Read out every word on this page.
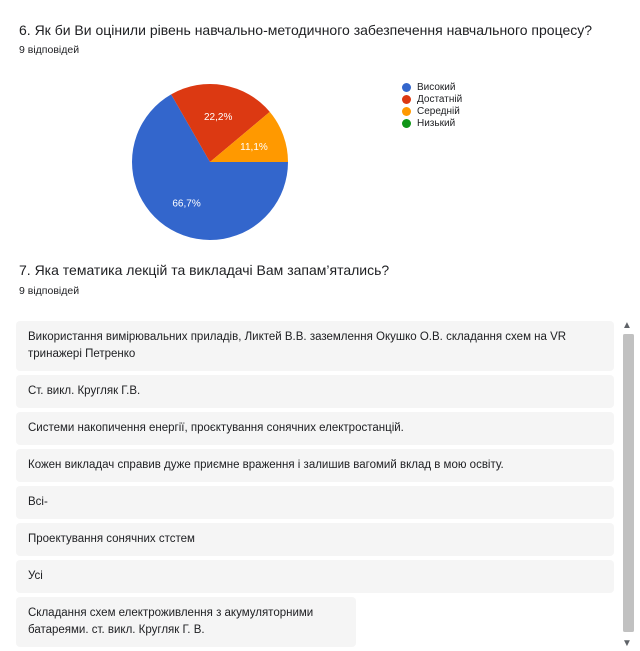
6. Як би Ви оцінили рівень навчально-методичного забезпечення навчального процесу?
9 відповідей
66,7%
22,2%
11,1%
Високий
Достатній
Середній
Низький
7. Яка тематика лекцій та викладачі Вам запам’ятались?
9 відповідей
Використання вимірювальних приладів, Ликтей В.В. заземлення Окушко О.В. складання схем на VR тринажері Петренко
Ст. викл. Кругляк Г.В.
Системи накопичення енергії, проєктування сонячних електростанцій.
Кожен викладач справив дуже приємне враження і залишив вагомий вклад в мою освіту.
Всі-
Проектування сонячних стстем
Усі
Складання схем електроживлення з акумуляторними батареями. ст. викл. Кругляк Г. В.
▲
▼
